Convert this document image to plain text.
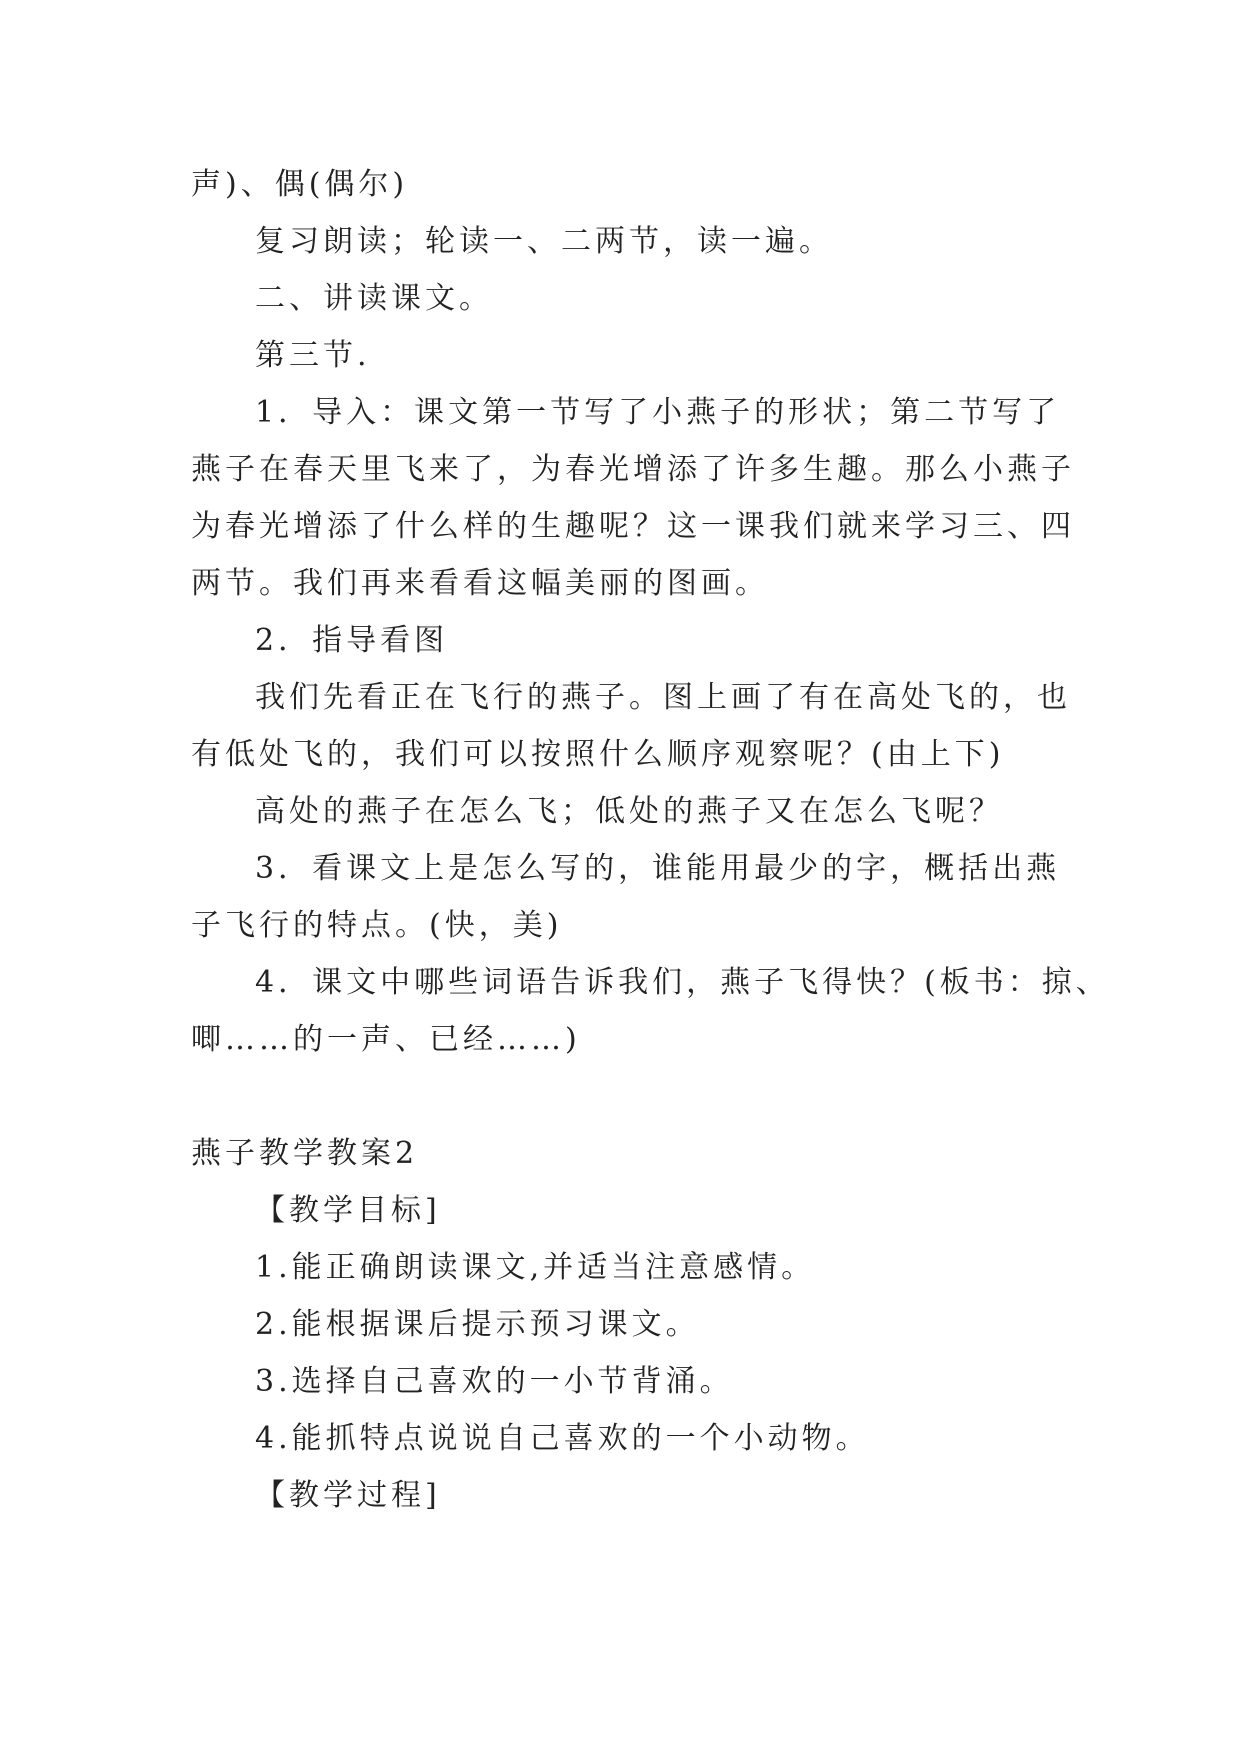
声)、偶(偶尔)
复习朗读；轮读一、二两节，读一遍。
二、讲读课文。
第三节.
1．导入：课文第一节写了小燕子的形状；第二节写了
燕子在春天里飞来了，为春光增添了许多生趣。那么小燕子
为春光增添了什么样的生趣呢？这一课我们就来学习三、四
两节。我们再来看看这幅美丽的图画。
2．指导看图
我们先看正在飞行的燕子。图上画了有在高处飞的，也
有低处飞的，我们可以按照什么顺序观察呢？(由上下)
高处的燕子在怎么飞；低处的燕子又在怎么飞呢？
3．看课文上是怎么写的，谁能用最少的字，概括出燕
子飞行的特点。(快，美)
4．课文中哪些词语告诉我们，燕子飞得快？(板书：掠、
唧……的一声、已经……)
燕子教学教案2
【教学目标]
1.能正确朗读课文,并适当注意感情。
2.能根据课后提示预习课文。
3.选择自己喜欢的一小节背涌。
4.能抓特点说说自己喜欢的一个小动物。
【教学过程]
